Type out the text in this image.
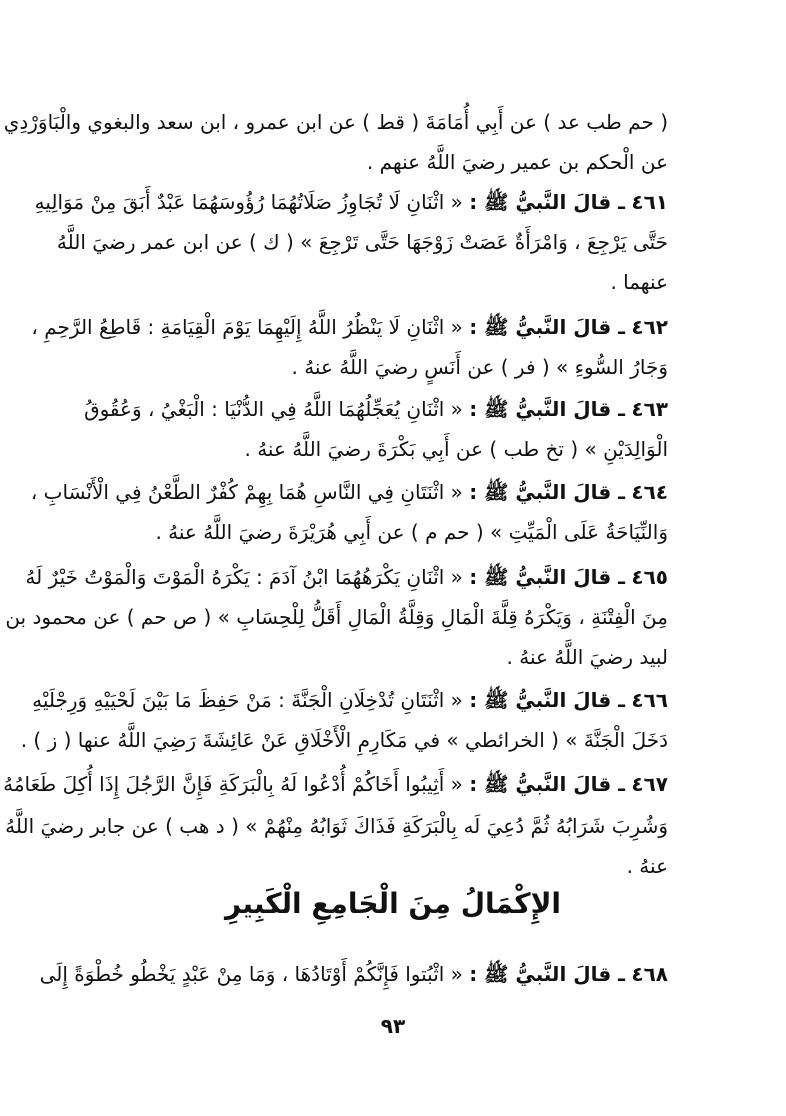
( حم طب عد ) عن أَبِي أُمَامَةَ ( قط ) عن ابن عمرو ، ابن سعد والبغوي والْبَاوَرْدِي
عن الْحكم بن عمير رضيَ اللَّهُ عنهم .
٤٦١ ـ قالَ النَّبيُّ ﷺ : « اثْنَانِ لَا تُجَاوِزُ صَلَاتُهُمَا رُؤُوسَهُمَا عَبْدٌ أَبَقَ مِنْ مَوَالِيهِ
حَتَّى يَرْجِعَ ، وَامْرَأَةٌ عَصَتْ زَوْجَهَا حَتَّى تَرْجِعَ » ( ك ) عن ابن عمر رضيَ اللَّهُ
عنهما .
٤٦٢ ـ قالَ النَّبيُّ ﷺ : « اثْنَانِ لَا يَنْظُرُ اللَّهُ إِلَيْهِمَا يَوْمَ الْقِيَامَةِ : قَاطِعُ الرَّحِمِ ،
وَجَارُ السُّوءِ » ( فر ) عن أَنَسٍ رضيَ اللَّهُ عنهُ .
٤٦٣ ـ قالَ النَّبيُّ ﷺ : « اثْنَانِ يُعَجِّلُهُمَا اللَّهُ فِي الدُّنْيَا : الْبَغْيُ ، وَعُقُوقُ
الْوَالِدَيْنِ » ( تخ طب ) عن أَبِي بَكْرَةَ رضيَ اللَّهُ عنهُ .
٤٦٤ ـ قالَ النَّبيُّ ﷺ : « اثْنَتَانِ فِي النَّاسِ هُمَا بِهِمْ كُفْرٌ الطَّعْنُ فِي الْأَنْسَابِ ،
وَالنِّيَاحَةُ عَلَى الْمَيِّتِ » ( حم م ) عن أَبِي هُرَيْرَةَ رضيَ اللَّهُ عنهُ .
٤٦٥ ـ قالَ النَّبيُّ ﷺ : « اثْنَانِ يَكْرَهُهُمَا ابْنُ آدَمَ : يَكْرَهُ الْمَوْتَ وَالْمَوْتُ خَيْرٌ لَهُ
مِنَ الْفِتْنَةِ ، وَيَكْرَهُ قِلَّةَ الْمَالِ وَقِلَّةُ الْمَالِ أَقَلُّ لِلْحِسَابِ » ( ص حم ) عن محمود بن
لبيد رضيَ اللَّهُ عنهُ .
٤٦٦ ـ قالَ النَّبيُّ ﷺ : « اثْنَتَانِ تُدْخِلَانِ الْجَنَّةَ : مَنْ حَفِظَ مَا بَيْنَ لَحْيَيْهِ وَرِجْلَيْهِ
دَخَلَ الْجَنَّةَ » ( الخرائطي » في مَكَارِمِ الْأَخْلَاقِ عَنْ عَائِشَةَ رَضِيَ اللَّهُ عنها ( ز ) .
٤٦٧ ـ قالَ النَّبيُّ ﷺ : « أَثِيبُوا أَخَاكُمْ أُدْعُوا لَهُ بِالْبَرَكَةِ فَإِنَّ الرَّجُلَ إِذَا أُكِلَ طَعَامُهُ
وَشُرِبَ شَرَابُهُ ثُمَّ دُعِيَ لَه بِالْبَرَكَةِ فَذَاكَ ثَوَابُهُ مِنْهُمْ » ( د هب ) عن جابر رضيَ اللَّهُ
عنهُ .
الإِكْمَالُ مِنَ الْجَامِعِ الْكَبِيرِ
٤٦٨ ـ قالَ النَّبيُّ ﷺ : « اثْبُتوا فَإِنَّكُمْ أَوْتَادُهَا ، وَمَا مِنْ عَبْدٍ يَخْطُو خُطْوَةً إِلَى
٩٣
